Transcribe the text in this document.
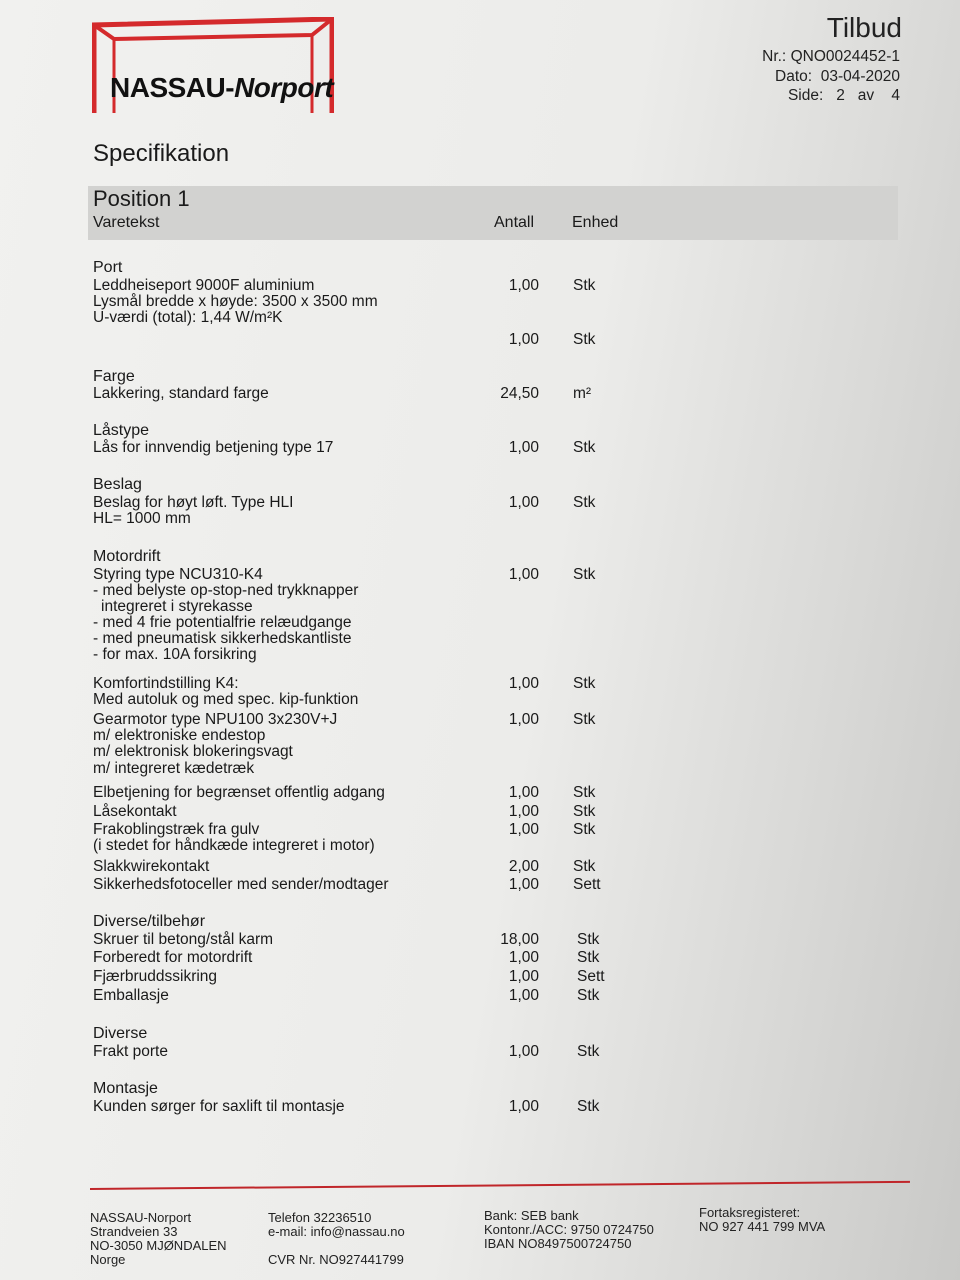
NASSAU-Norport
Tilbud
Nr.: QNO0024452-1
Dato: 03-04-2020
Side: 2 av 4
Specifikation
Position 1
Varetekst	Antall Enhed
Port
Leddheiseport 9000F aluminium	1,00 Stk
Lysmål bredde x høyde: 3500 x 3500 mm
U-værdi (total): 1,44 W/m²K
1,00 Stk
Farge
Lakkering, standard farge	24,50 m²
Låstype
Lås for innvendig betjening type 17	1,00 Stk
Beslag
Beslag for høyt løft. Type HLI	1,00 Stk
HL= 1000 mm
Motordrift
Styring type NCU310-K4	1,00 Stk
- med belyste op-stop-ned trykknapper
integreret i styrekasse
- med 4 frie potentialfrie relæudgange
- med pneumatisk sikkerhedskantliste
- for max. 10A forsikring
Komfortindstilling K4:	1,00 Stk
Med autoluk og med spec. kip-funktion
Gearmotor type NPU100 3x230V+J	1,00 Stk
m/ elektroniske endestop
m/ elektronisk blokeringsvagt
m/ integreret kædetræk
Elbetjening for begrænset offentlig adgang	1,00 Stk
Låsekontakt	1,00 Stk
Frakoblingstræk fra gulv	1,00 Stk
(i stedet for håndkæde integreret i motor)
Slakkwirekontakt	2,00 Stk
Sikkerhedsfotoceller med sender/modtager	1,00 Sett
Diverse/tilbehør
Skruer til betong/stål karm	18,00 Stk
Forberedt for motordrift	1,00 Stk
Fjærbruddssikring	1,00 Sett
Emballasje	1,00 Stk
Diverse
Frakt porte	1,00 Stk
Montasje
Kunden sørger for saxlift til montasje	1,00 Stk
NASSAU-Norport
Strandveien 33
NO-3050 MJØNDALEN
Norge
Telefon 32236510
e-mail: info@nassau.no
CVR Nr. NO927441799
Bank: SEB bank
Kontonr./ACC: 9750 0724750
IBAN NO8497500724750
Fortaksregisteret:
NO 927 441 799 MVA
